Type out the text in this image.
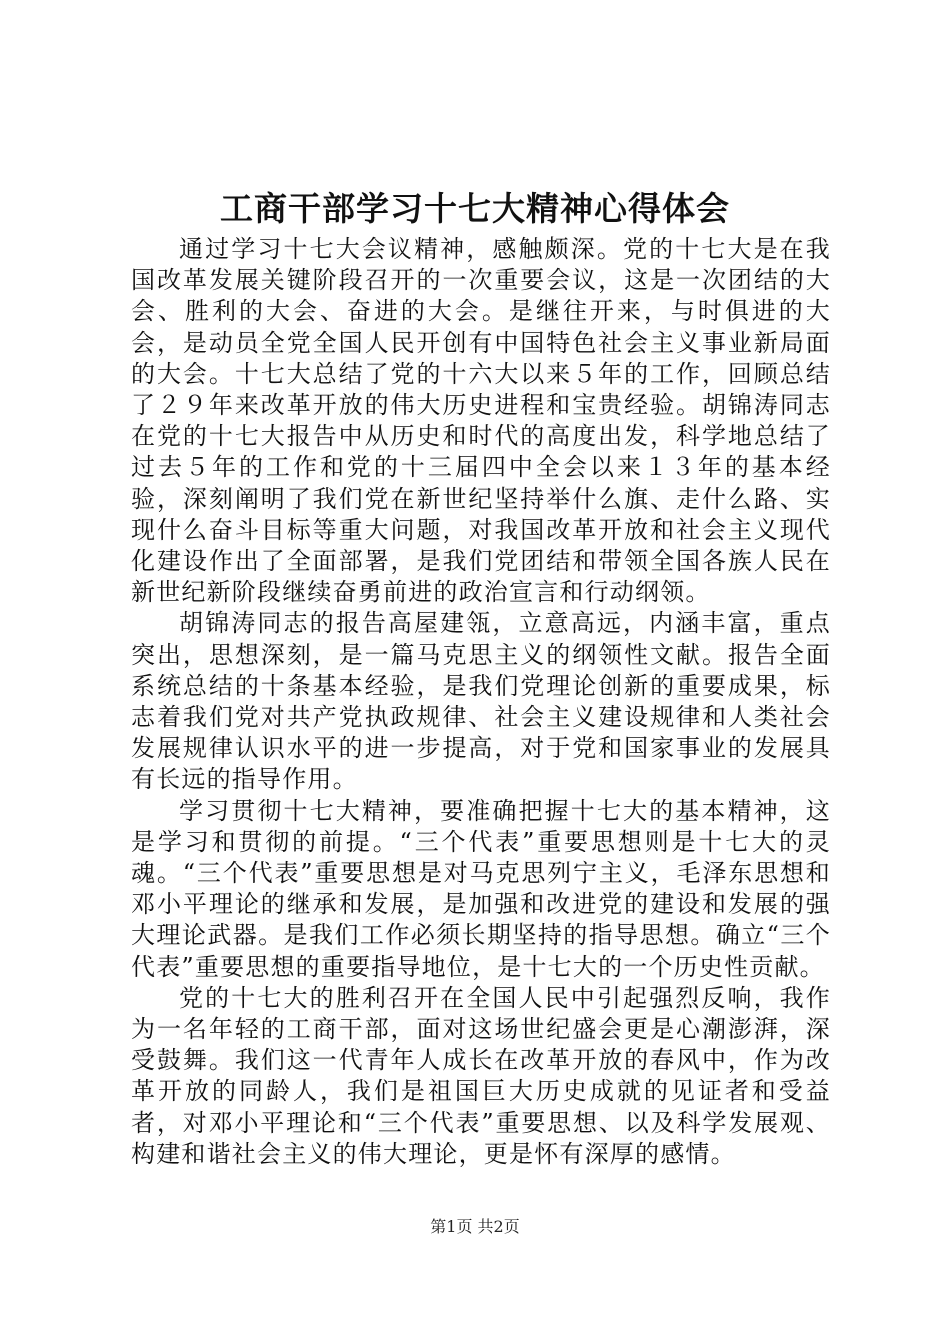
工商干部学习十七大精神心得体会

通过学习十七大会议精神，感触颇深。党的十七大是在我国改革发展关键阶段召开的一次重要会议，这是一次团结的大会、胜利的大会、奋进的大会。是继往开来，与时俱进的大会，是动员全党全国人民开创有中国特色社会主义事业新局面的大会。十七大总结了党的十六大以来５年的工作，回顾总结了２９年来改革开放的伟大历史进程和宝贵经验。胡锦涛同志在党的十七大报告中从历史和时代的高度出发，科学地总结了过去５年的工作和党的十三届四中全会以来１３年的基本经验，深刻阐明了我们党在新世纪坚持举什么旗、走什么路、实现什么奋斗目标等重大问题，对我国改革开放和社会主义现代化建设作出了全面部署，是我们党团结和带领全国各族人民在新世纪新阶段继续奋勇前进的政治宣言和行动纲领。

胡锦涛同志的报告高屋建瓴，立意高远，内涵丰富，重点突出，思想深刻，是一篇马克思主义的纲领性文献。报告全面系统总结的十条基本经验，是我们党理论创新的重要成果，标志着我们党对共产党执政规律、社会主义建设规律和人类社会发展规律认识水平的进一步提高，对于党和国家事业的发展具有长远的指导作用。

学习贯彻十七大精神，要准确把握十七大的基本精神，这是学习和贯彻的前提。“三个代表”重要思想则是十七大的灵魂。“三个代表”重要思想是对马克思列宁主义，毛泽东思想和邓小平理论的继承和发展，是加强和改进党的建设和发展的强大理论武器。是我们工作必须长期坚持的指导思想。确立“三个代表”重要思想的重要指导地位，是十七大的一个历史性贡献。

党的十七大的胜利召开在全国人民中引起强烈反响，我作为一名年轻的工商干部，面对这场世纪盛会更是心潮澎湃，深受鼓舞。我们这一代青年人成长在改革开放的春风中，作为改革开放的同龄人，我们是祖国巨大历史成就的见证者和受益者，对邓小平理论和“三个代表”重要思想、以及科学发展观、构建和谐社会主义的伟大理论，更是怀有深厚的感情。

第1页 共2页
